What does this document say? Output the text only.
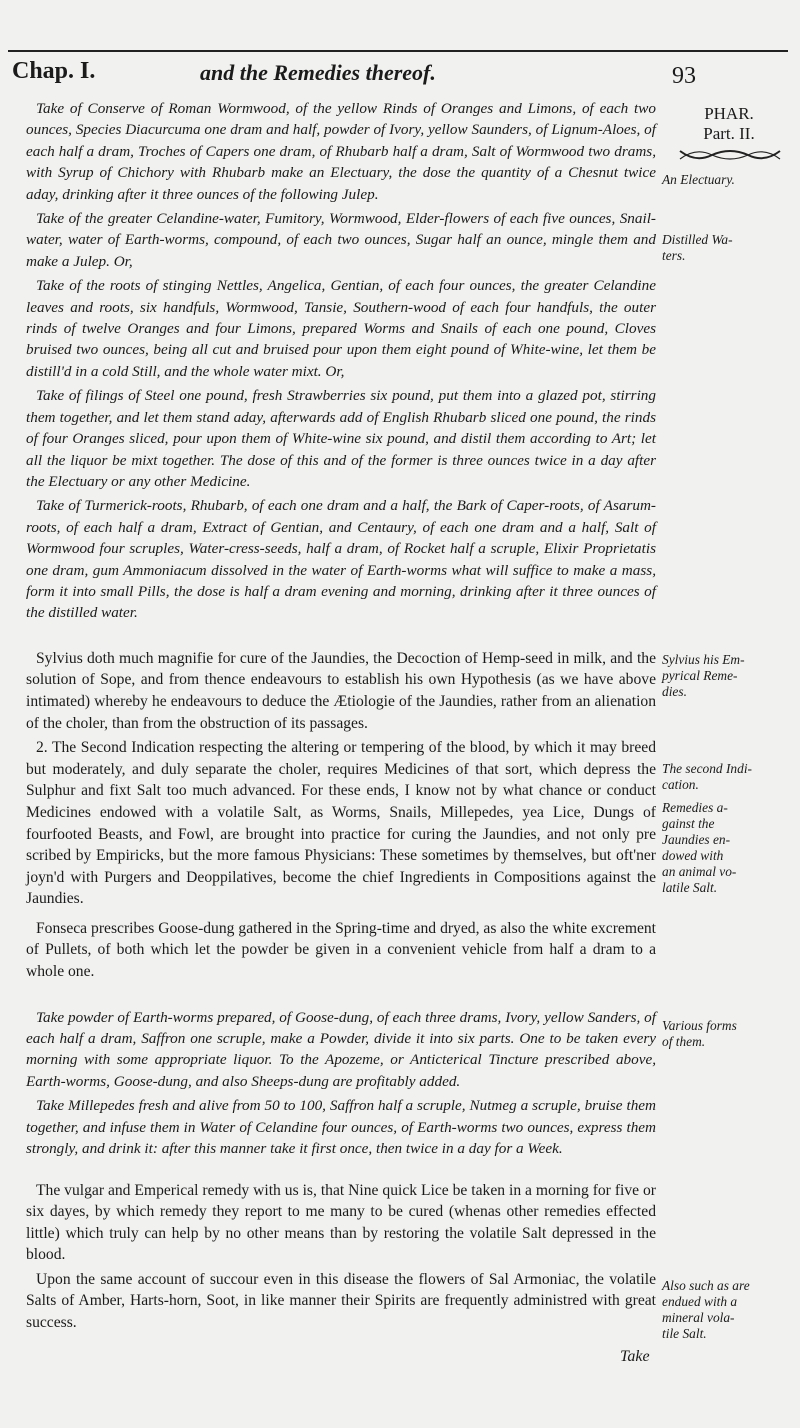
Chap. I.	and the Remedies thereof.	93

Take of Conserve of Roman Wormwood, of the yellow Rinds of Oranges and Limons, of each two ounces, Species Diacurcuma one dram and half, powder of Ivory, yellow Saunders, of Lignum-Aloes, of each half a dram, Troches of Capers one dram, of Rhubarb half a dram, Salt of Wormwood two drams, with Syrup of Chichory with Rhubarb make an Electuary, the dose the quantity of a Chesnut twice aday, drinking after it three ounces of the following Julep.

Take of the greater Celandine-water, Fumitory, Wormwood, Elder-flowers of each five ounces, Snail-water, water of Earth-worms, compound, of each two ounces, Sugar half an ounce, mingle them and make a Julep. Or,

Take of the roots of stinging Nettles, Angelica, Gentian, of each four ounces, the greater Celandine leaves and roots, six handfuls, Wormwood, Tansie, Southern-wood of each four handfuls, the outer rinds of twelve Oranges and four Limons, prepared Worms and Snails of each one pound, Cloves bruised two ounces, being all cut and bruised pour upon them eight pound of White-wine, let them be distill'd in a cold Still, and the whole water mixt. Or,

Take of filings of Steel one pound, fresh Strawberries six pound, put them into a glazed pot, stirring them together, and let them stand aday, afterwards add of English Rhubarb sliced one pound, the rinds of four Oranges sliced, pour upon them of White-wine six pound, and distil them according to Art; let all the liquor be mixt together. The dose of this and of the former is three ounces twice in a day after the Electuary or any other Medicine.

Take of Turmerick-roots, Rhubarb, of each one dram and a half, the Bark of Caper-roots, of Asarum-roots, of each half a dram, Extract of Gentian, and Centaury, of each one dram and a half, Salt of Wormwood four scruples, Water-cress-seeds, half a dram, of Rocket half a scruple, Elixir Proprietatis one dram, gum Ammoniacum dissolved in the water of Earth-worms what will suffice to make a mass, form it into small Pills, the dose is half a dram evening and morning, drinking after it three ounces of the distilled water.

Sylvius doth much magnifie for cure of the Jaundies, the Decoction of Hemp-seed in milk, and the solution of Sope, and from thence endeavours to establish his own Hypothesis (as we have above intimated) whereby he endeavours to deduce the Ætiologie of the Jaundies, rather from an alienation of the choler, than from the obstruction of its passages.

2. The Second Indication respecting the altering or tempering of the blood, by which it may breed but moderately, and duly separate the choler, requires Medicines of that sort, which depress the Sulphur and fixt Salt too much advanced. For these ends, I know not by what chance or conduct Medicines endowed with a volatile Salt, as Worms, Snails, Millepedes, yea Lice, Dungs of fourfooted Beasts, and Fowl, are brought into practice for curing the Jaundies, and not only pre scribed by Empiricks, but the more famous Physicians: These sometimes by themselves, but oft'ner joyn'd with Purgers and Deoppilatives, become the chief Ingredients in Compositions against the Jaundies.

Fonseca prescribes Goose-dung gathered in the Spring-time and dryed, as also the white excrement of Pullets, of both which let the powder be given in a convenient vehicle from half a dram to a whole one.

Take powder of Earth-worms prepared, of Goose-dung, of each three drams, Ivory, yellow Sanders, of each half a dram, Saffron one scruple, make a Powder, divide it into six parts. One to be taken every morning with some appropriate liquor. To the Apozeme, or Anticterical Tincture prescribed above, Earth-worms, Goose-dung, and also Sheeps-dung are profitably added.

Take Millepedes fresh and alive from 50 to 100, Saffron half a scruple, Nutmeg a scruple, bruise them together, and infuse them in Water of Celandine four ounces, of Earth-worms two ounces, express them strongly, and drink it: after this manner take it first once, then twice in a day for a Week.

The vulgar and Emperical remedy with us is, that Nine quick Lice be taken in a morning for five or six dayes, by which remedy they report to me many to be cured (whenas other remedies effected little) which truly can help by no other means than by restoring the volatile Salt depressed in the blood.

Upon the same account of succour even in this disease the flowers of Sal Armoniac, the volatile Salts of Amber, Harts-horn, Soot, in like manner their Spirits are frequently administred with great success.

PHAR.
Part. II.
An Electuary.
Distilled Wa-
ters.
Sylvius his Em-
pyrical Reme-
dies.
The second Indi-
cation.
Remedies a-
gainst the
Jaundies en-
dowed with
an animal vo-
latile Salt.
Various forms
of them.
Also such as are
endued with a
mineral vola-
tile Salt.
Take
